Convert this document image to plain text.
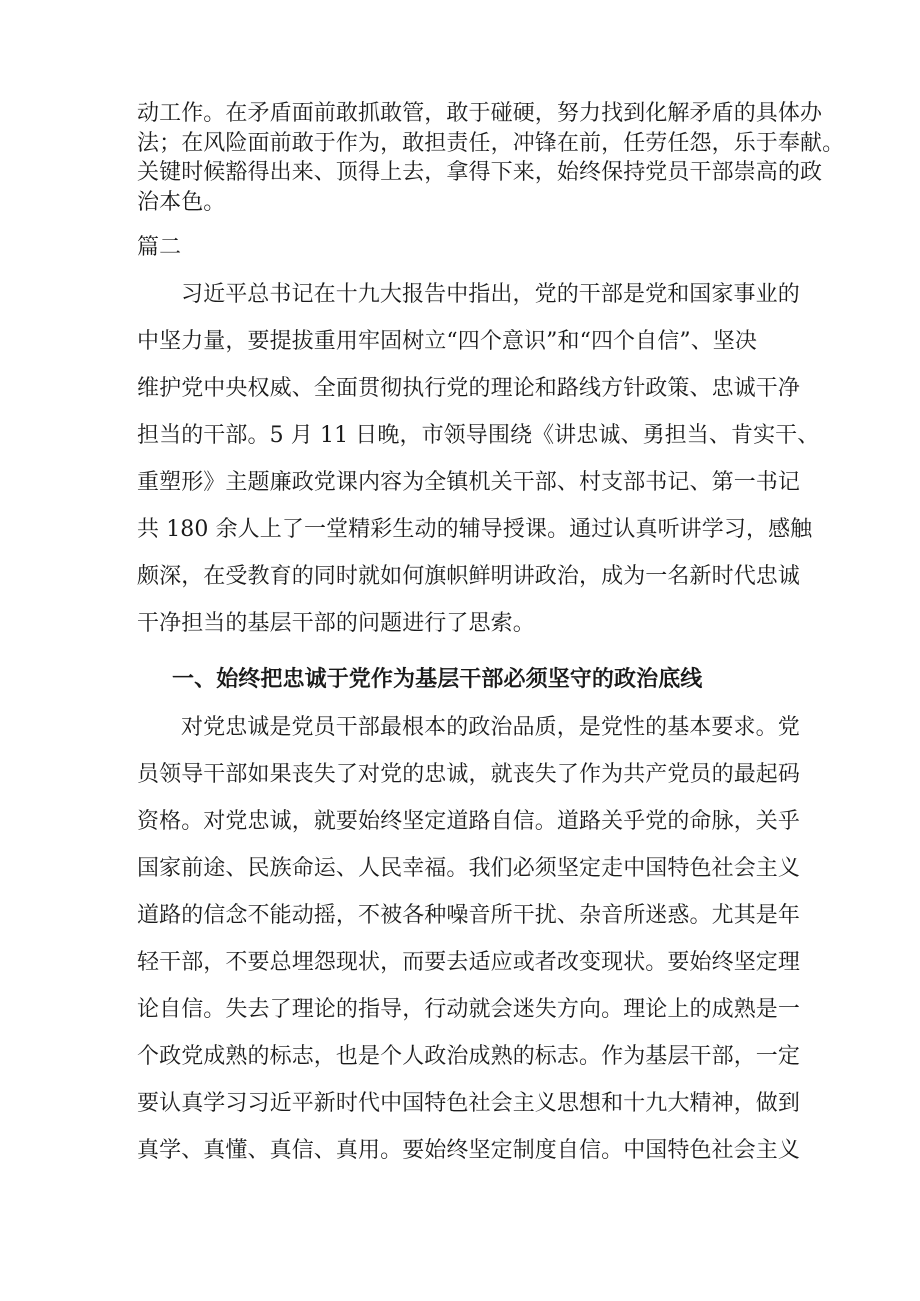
动工作。在矛盾面前敢抓敢管，敢于碰硬，努力找到化解矛盾的具体办
法；在风险面前敢于作为，敢担责任，冲锋在前，任劳任怨，乐于奉献。
关键时候豁得出来、顶得上去，拿得下来，始终保持党员干部崇高的政
治本色。
篇二
习近平总书记在十九大报告中指出，党的干部是党和国家事业的
中坚力量，要提拔重用牢固树立“四个意识”和“四个自信”、坚决
维护党中央权威、全面贯彻执行党的理论和路线方针政策、忠诚干净
担当的干部。5 月 11 日晚，市领导围绕《讲忠诚、勇担当、肯实干、
重塑形》主题廉政党课内容为全镇机关干部、村支部书记、第一书记
共 180 余人上了一堂精彩生动的辅导授课。通过认真听讲学习，感触
颇深，在受教育的同时就如何旗帜鲜明讲政治，成为一名新时代忠诚
干净担当的基层干部的问题进行了思索。
一、始终把忠诚于党作为基层干部必须坚守的政治底线
对党忠诚是党员干部最根本的政治品质，是党性的基本要求。党
员领导干部如果丧失了对党的忠诚，就丧失了作为共产党员的最起码
资格。对党忠诚，就要始终坚定道路自信。道路关乎党的命脉，关乎
国家前途、民族命运、人民幸福。我们必须坚定走中国特色社会主义
道路的信念不能动摇，不被各种噪音所干扰、杂音所迷惑。尤其是年
轻干部，不要总埋怨现状，而要去适应或者改变现状。要始终坚定理
论自信。失去了理论的指导，行动就会迷失方向。理论上的成熟是一
个政党成熟的标志，也是个人政治成熟的标志。作为基层干部，一定
要认真学习习近平新时代中国特色社会主义思想和十九大精神，做到
真学、真懂、真信、真用。要始终坚定制度自信。中国特色社会主义
